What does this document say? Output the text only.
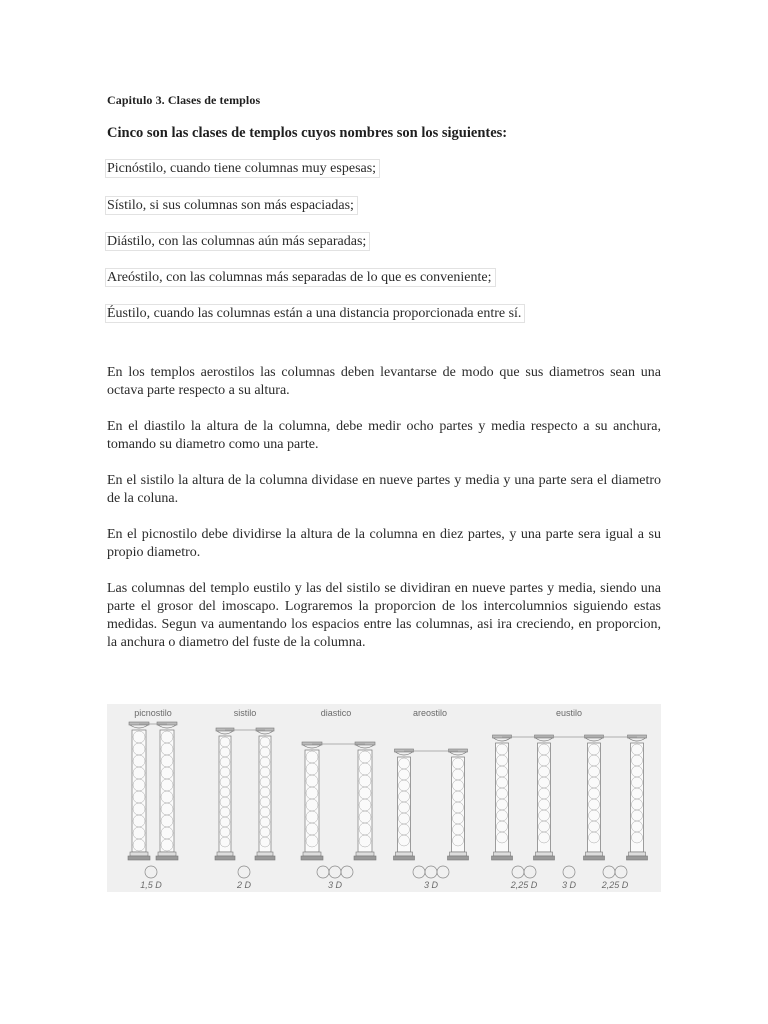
Capitulo 3. Clases de templos
Cinco son las clases de templos cuyos nombres son los siguientes:
Picnóstilo, cuando tiene columnas muy espesas;
Sístilo, si sus columnas son más espaciadas;
Diástilo, con las columnas aún más separadas;
Areóstilo, con las columnas más separadas de lo que es conveniente;
Éustilo, cuando las columnas están a una distancia proporcionada entre sí.
En los templos aerostilos las columnas deben levantarse de modo que sus diametros sean una octava parte respecto a su altura.
En el diastilo la altura de la columna, debe medir ocho partes y media respecto a su anchura, tomando su diametro como una parte.
En el sistilo la altura de la columna dividase en nueve partes y media y una parte sera el diametro de la coluna.
En el picnostilo debe dividirse la altura de la columna en diez partes, y una parte sera igual a su propio diametro.
Las columnas del templo eustilo y las del sistilo se dividiran en nueve partes y media, siendo una parte el grosor del imoscapo. Lograremos la proporcion de los intercolumnios siguiendo estas medidas. Segun va aumentando los espacios entre las columnas, asi ira creciendo, en proporcion, la anchura o diametro del fuste de la columna.
picnostilo	sistilo	diastico	areostilo	eustilo
1,5 D	2 D	3 D	3 D	2,25 D	3 D	2,25 D
